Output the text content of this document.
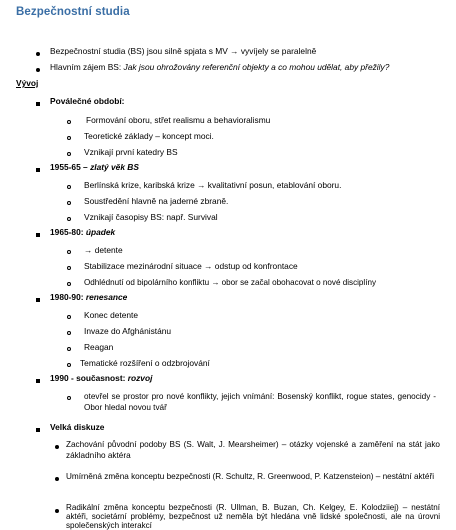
Bezpečnostní studia
Bezpečnostní studia (BS) jsou silně spjata s MV → vyvíjely se paralelně
Hlavním zájem BS: Jak jsou ohrožovány referenční objekty a co mohou udělat, aby přežily?
Vývoj
Poválečné období:
Formování oboru, střet realismu a behavioralismu
Teoretické základy – koncept moci.
Vznikají první katedry BS
1955-65 – zlatý věk BS
Berlínská krize, karibská krize → kvalitativní posun, etablování oboru.
Soustředění hlavně na jaderné zbraně.
Vznikají časopisy BS: např. Survival
1965-80: úpadek
→ detente
Stabilizace mezinárodní situace → odstup od konfrontace
Odhlédnutí od bipolárního konfliktu → obor se začal obohacovat o nové disciplíny
1980-90: renesance
Konec detente
Invaze do Afghánistánu
Reagan
Tematické rozšíření o odzbrojování
1990 - současnost: rozvoj
otevřel se prostor pro nové konflikty, jejich vnímání: Bosenský konflikt, rogue states, genocidy - Obor hledal novou tvář
Velká diskuze
Zachování původní podoby BS (S. Walt, J. Mearsheimer) – otázky vojenské a zaměření na stát jako základního aktéra
Umírněná změna konceptu bezpečnosti (R. Schultz, R. Greenwood, P. Katzensteion) – nestátní aktéři
Radikální změna konceptu bezpečnosti (R. Ullman, B. Buzan, Ch. Kelgey, E. Kolodziiej) – nestátní aktéři, societární problémy, bezpečnost už neměla být hledána vně lidské společnosti, ale na úrovni společenských interakcí
